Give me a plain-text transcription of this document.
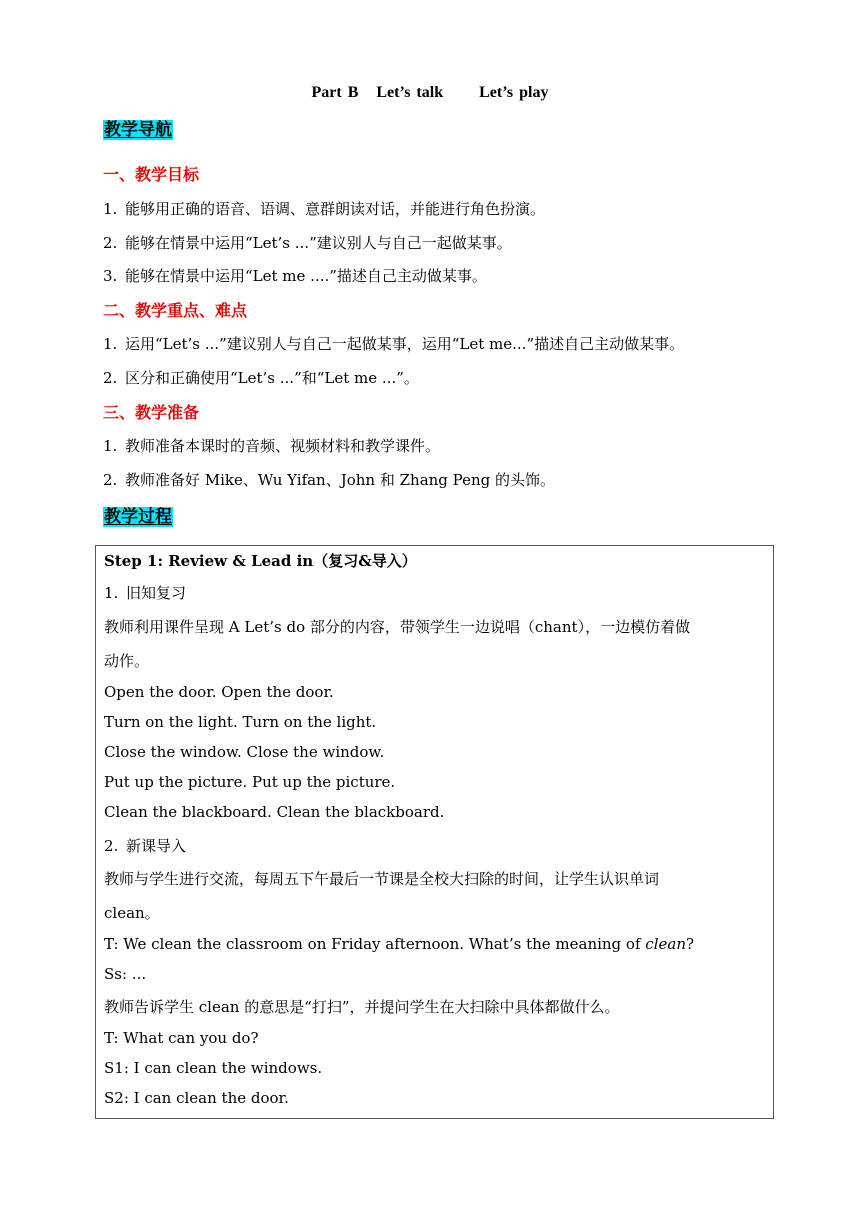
Part B Let’s talk Let’s play
教学导航
一、教学目标
1. 能够用正确的语音、语调、意群朗读对话，并能进行角色扮演。
2. 能够在情景中运用“Let’s ...”建议别人与自己一起做某事。
3. 能够在情景中运用“Let me ....”描述自己主动做某事。
二、教学重点、难点
1. 运用“Let’s ...”建议别人与自己一起做某事，运用“Let me...”描述自己主动做某事。
2. 区分和正确使用“Let’s ...”和“Let me ...”。
三、教学准备
1. 教师准备本课时的音频、视频材料和教学课件。
2. 教师准备好 Mike、Wu Yifan、John 和 Zhang Peng 的头饰。
教学过程
Step 1: Review & Lead in（复习&导入）
1. 旧知复习
教师利用课件呈现 A Let’s do 部分的内容，带领学生一边说唱（chant），一边模仿着做
动作。
Open the door. Open the door.
Turn on the light. Turn on the light.
Close the window. Close the window.
Put up the picture. Put up the picture.
Clean the blackboard. Clean the blackboard.
2. 新课导入
教师与学生进行交流，每周五下午最后一节课是全校大扫除的时间，让学生认识单词
clean。
T: We clean the classroom on Friday afternoon. What’s the meaning of clean?
Ss: ...
教师告诉学生 clean 的意思是“打扫”，并提问学生在大扫除中具体都做什么。
T: What can you do?
S1: I can clean the windows.
S2: I can clean the door.
